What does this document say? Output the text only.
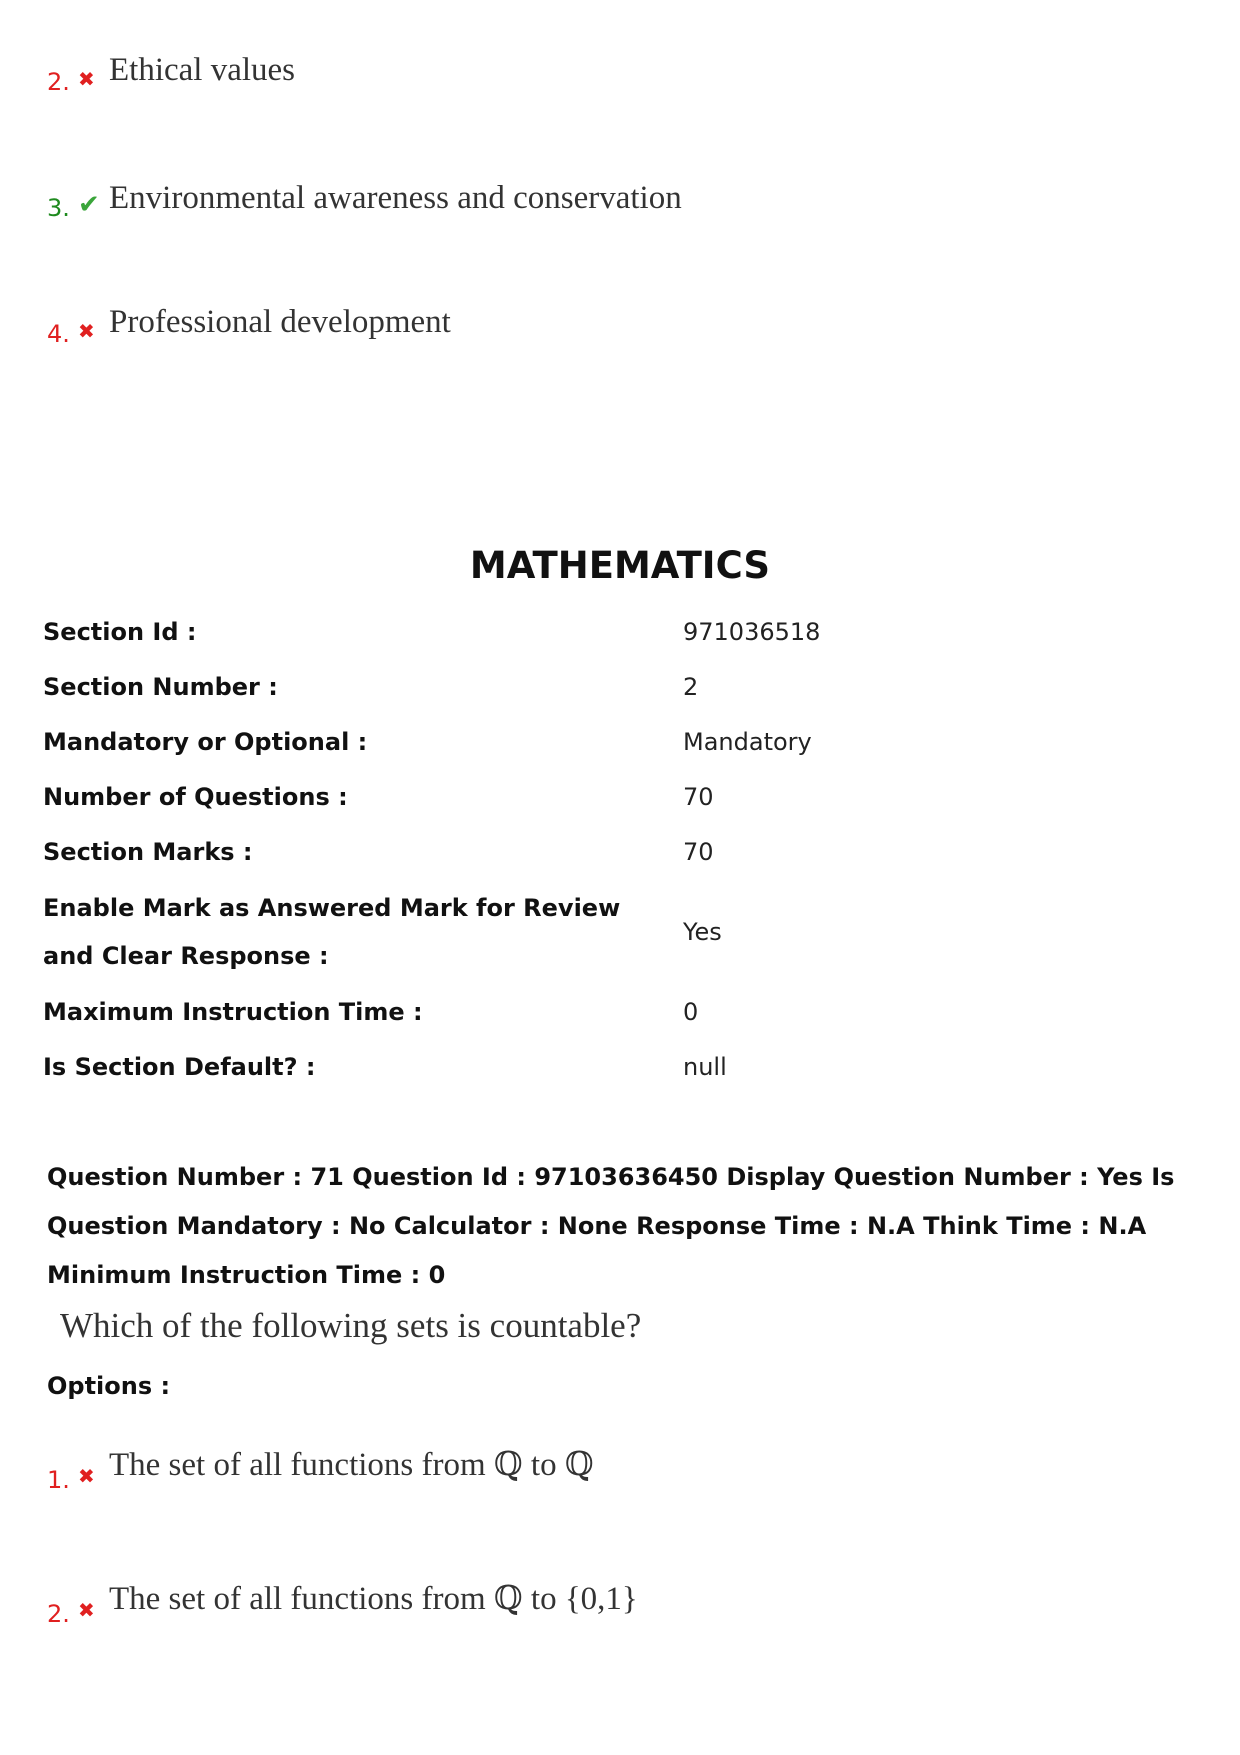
2. ✖ Ethical values
3. ✔ Environmental awareness and conservation
4. ✖ Professional development
MATHEMATICS
Section Id :	971036518
Section Number :	2
Mandatory or Optional :	Mandatory
Number of Questions :	70
Section Marks :	70
Enable Mark as Answered Mark for Review and Clear Response :
Yes
Maximum Instruction Time :	0
Is Section Default? :	null
Question Number : 71 Question Id : 97103636450 Display Question Number : Yes Is Question Mandatory : No Calculator : None Response Time : N.A Think Time : N.A Minimum Instruction Time : 0
Which of the following sets is countable?
Options :
1. ✖ The set of all functions from ℚ to ℚ
2. ✖ The set of all functions from ℚ to {0,1}
